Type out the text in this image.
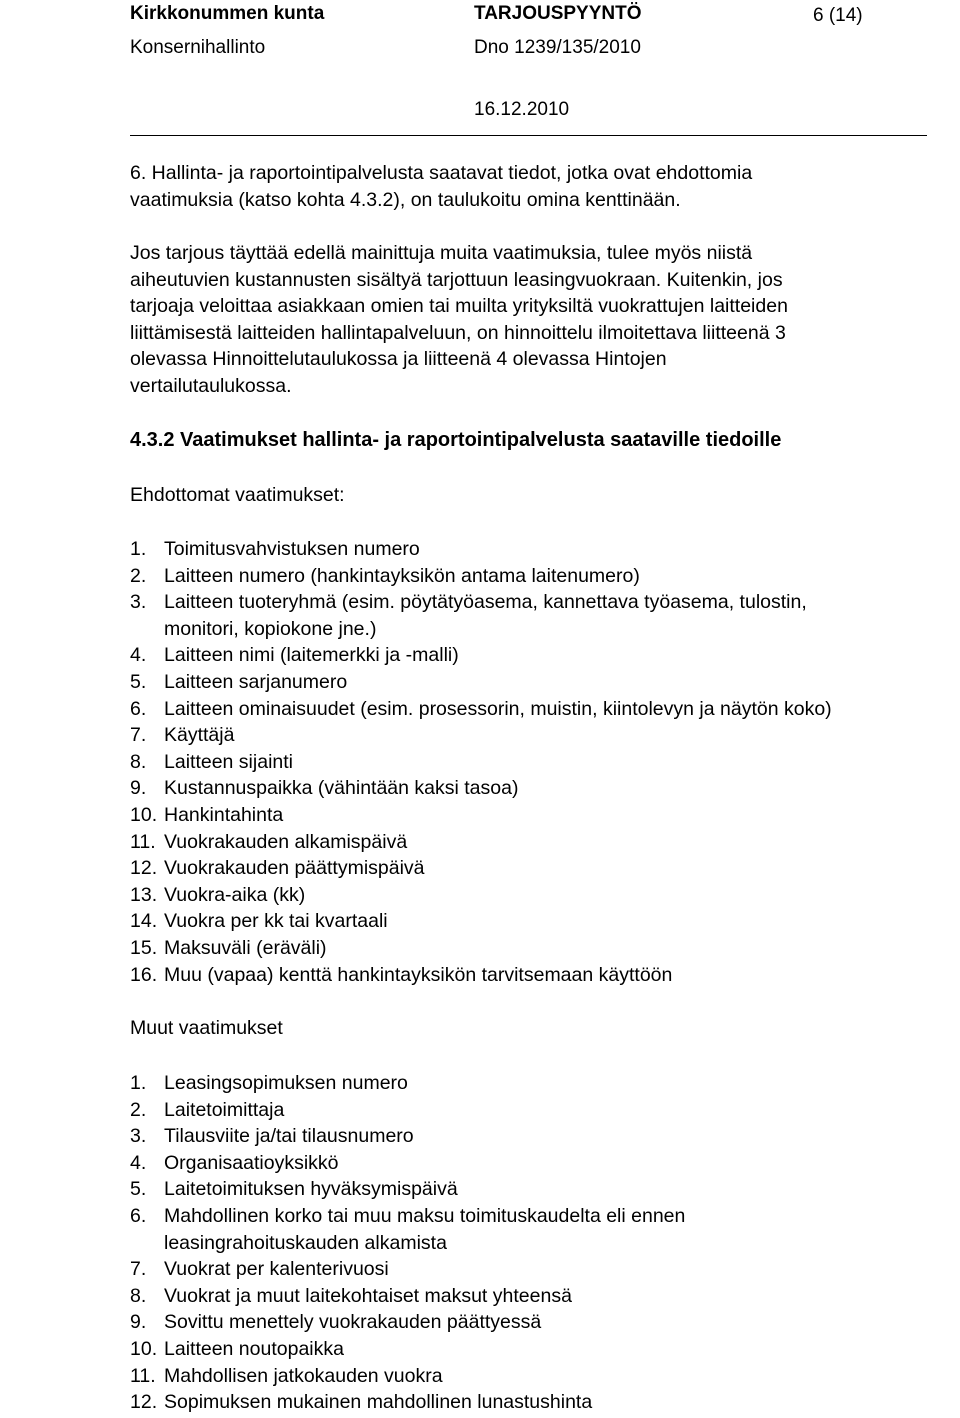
Kirkkonummen kunta	TARJOUSPYYNTÖ	6 (14)
Konsernihallinto	Dno 1239/135/2010
16.12.2010
6. Hallinta- ja raportointipalvelusta saatavat tiedot, jotka ovat ehdottomia
vaatimuksia (katso kohta 4.3.2), on taulukoitu omina kenttinään.
Jos tarjous täyttää edellä mainittuja muita vaatimuksia, tulee myös niistä
aiheutuvien kustannusten sisältyä tarjottuun leasingvuokraan. Kuitenkin, jos
tarjoaja veloittaa asiakkaan omien tai muilta yrityksiltä vuokrattujen laitteiden
liittämisestä laitteiden hallintapalveluun, on hinnoittelu ilmoitettava liitteenä 3
olevassa Hinnoittelutaulukossa ja liitteenä 4 olevassa Hintojen
vertailutaulukossa.
4.3.2 Vaatimukset hallinta- ja raportointipalvelusta saataville tiedoille
Ehdottomat vaatimukset:
1. Toimitusvahvistuksen numero
2. Laitteen numero (hankintayksikön antama laitenumero)
3. Laitteen tuoteryhmä (esim. pöytätyöasema, kannettava työasema, tulostin,
monitori, kopiokone jne.)
4. Laitteen nimi (laitemerkki ja -malli)
5. Laitteen sarjanumero
6. Laitteen ominaisuudet (esim. prosessorin, muistin, kiintolevyn ja näytön koko)
7. Käyttäjä
8. Laitteen sijainti
9. Kustannuspaikka (vähintään kaksi tasoa)
10. Hankintahinta
11. Vuokrakauden alkamispäivä
12. Vuokrakauden päättymispäivä
13. Vuokra-aika (kk)
14. Vuokra per kk tai kvartaali
15. Maksuväli (eräväli)
16. Muu (vapaa) kenttä hankintayksikön tarvitsemaan käyttöön
Muut vaatimukset
1. Leasingsopimuksen numero
2. Laitetoimittaja
3. Tilausviite ja/tai tilausnumero
4. Organisaatioyksikkö
5. Laitetoimituksen hyväksymispäivä
6. Mahdollinen korko tai muu maksu toimituskaudelta eli ennen
leasingrahoituskauden alkamista
7. Vuokrat per kalenterivuosi
8. Vuokrat ja muut laitekohtaiset maksut yhteensä
9. Sovittu menettely vuokrakauden päättyessä
10. Laitteen noutopaikka
11. Mahdollisen jatkokauden vuokra
12. Sopimuksen mukainen mahdollinen lunastushinta
